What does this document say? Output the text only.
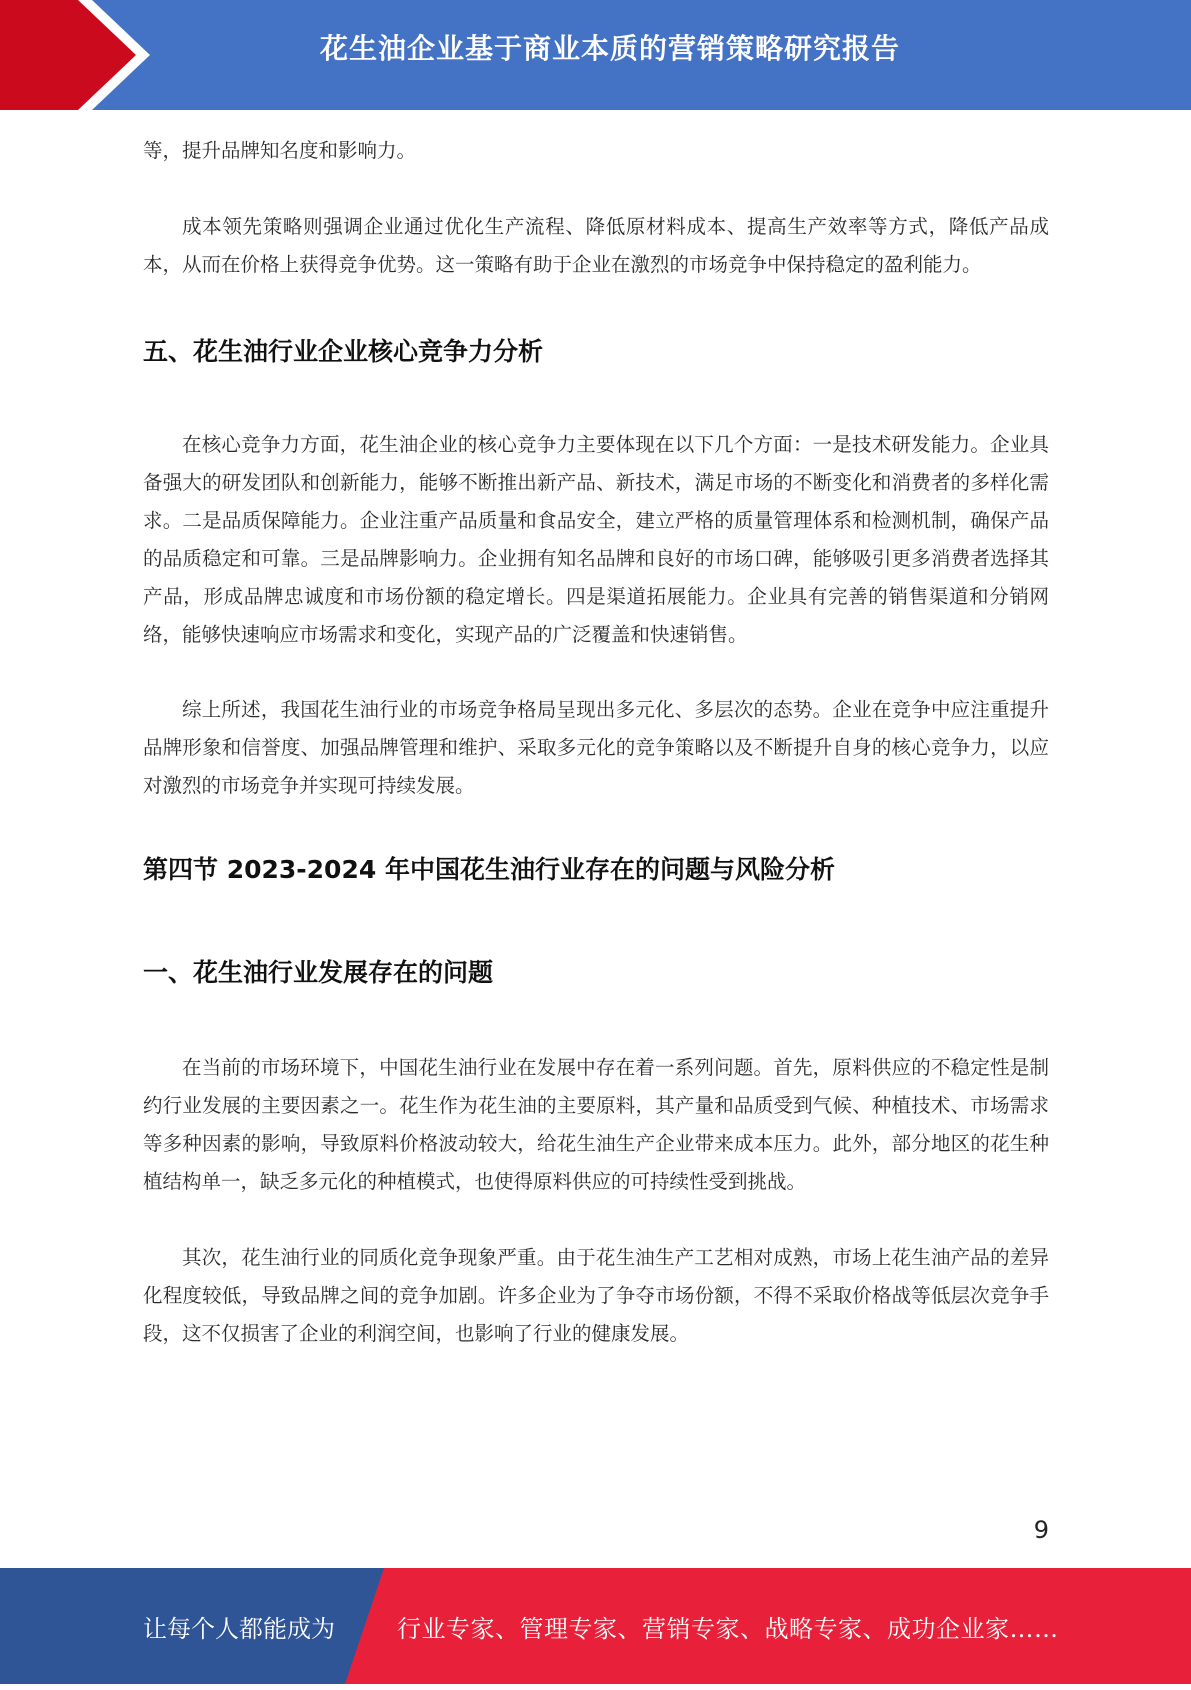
花生油企业基于商业本质的营销策略研究报告

等，提升品牌知名度和影响力。

成本领先策略则强调企业通过优化生产流程、降低原材料成本、提高生产效率等方式，降低产品成本，从而在价格上获得竞争优势。这一策略有助于企业在激烈的市场竞争中保持稳定的盈利能力。

五、花生油行业企业核心竞争力分析

在核心竞争力方面，花生油企业的核心竞争力主要体现在以下几个方面：一是技术研发能力。企业具备强大的研发团队和创新能力，能够不断推出新产品、新技术，满足市场的不断变化和消费者的多样化需求。二是品质保障能力。企业注重产品质量和食品安全，建立严格的质量管理体系和检测机制，确保产品的品质稳定和可靠。三是品牌影响力。企业拥有知名品牌和良好的市场口碑，能够吸引更多消费者选择其产品，形成品牌忠诚度和市场份额的稳定增长。四是渠道拓展能力。企业具有完善的销售渠道和分销网络，能够快速响应市场需求和变化，实现产品的广泛覆盖和快速销售。

综上所述，我国花生油行业的市场竞争格局呈现出多元化、多层次的态势。企业在竞争中应注重提升品牌形象和信誉度、加强品牌管理和维护、采取多元化的竞争策略以及不断提升自身的核心竞争力，以应对激烈的市场竞争并实现可持续发展。

第四节 2023-2024 年中国花生油行业存在的问题与风险分析
一、花生油行业发展存在的问题

在当前的市场环境下，中国花生油行业在发展中存在着一系列问题。首先，原料供应的不稳定性是制约行业发展的主要因素之一。花生作为花生油的主要原料，其产量和品质受到气候、种植技术、市场需求等多种因素的影响，导致原料价格波动较大，给花生油生产企业带来成本压力。此外，部分地区的花生种植结构单一，缺乏多元化的种植模式，也使得原料供应的可持续性受到挑战。

其次，花生油行业的同质化竞争现象严重。由于花生油生产工艺相对成熟，市场上花生油产品的差异化程度较低，导致品牌之间的竞争加剧。许多企业为了争夺市场份额，不得不采取价格战等低层次竞争手段，这不仅损害了企业的利润空间，也影响了行业的健康发展。

9
让每个人都能成为	行业专家、管理专家、营销专家、战略专家、成功企业家……
